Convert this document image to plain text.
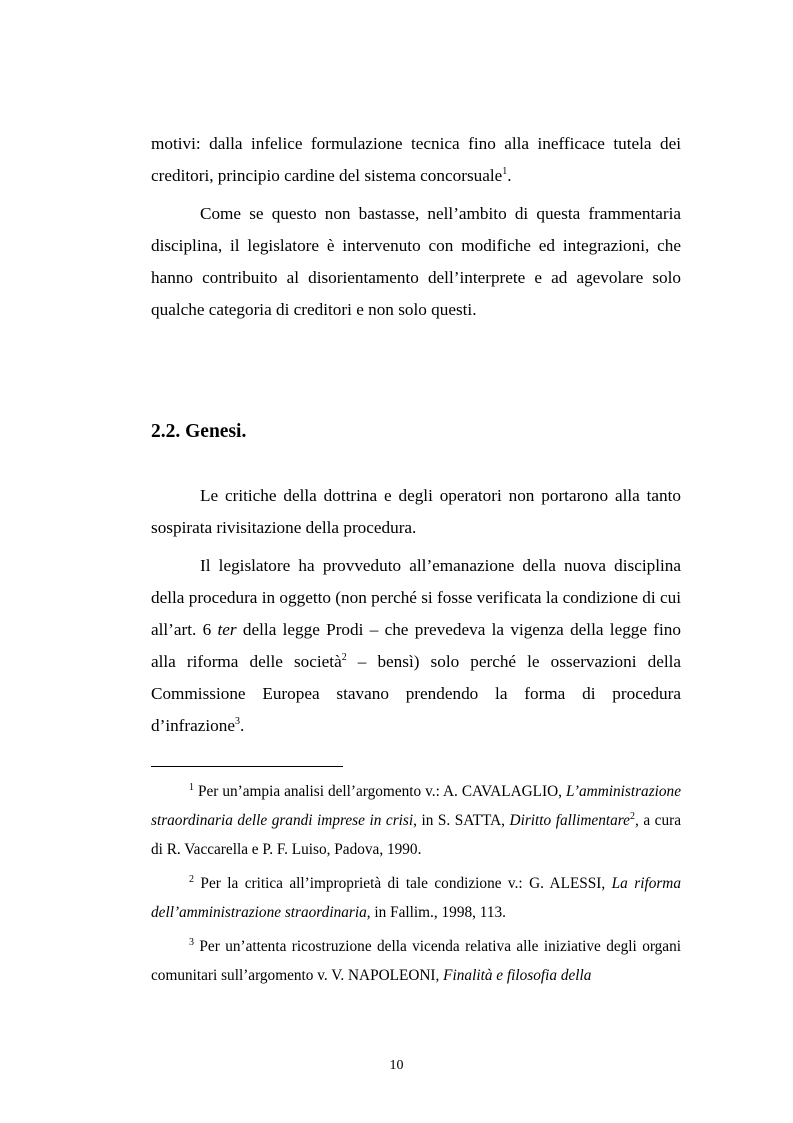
motivi: dalla infelice formulazione tecnica fino alla inefficace tutela dei creditori, principio cardine del sistema concorsuale$^1$.

Come se questo non bastasse, nell’ambito di questa frammentaria disciplina, il legislatore è intervenuto con modifiche ed integrazioni, che hanno contribuito al disorientamento dell’interprete e ad agevolare solo qualche categoria di creditori e non solo questi.

2.2. Genesi.

Le critiche della dottrina e degli operatori non portarono alla tanto sospirata rivisitazione della procedura.

Il legislatore ha provveduto all’emanazione della nuova disciplina della procedura in oggetto (non perché si fosse verificata la condizione di cui all’art. 6 ter della legge Prodi – che prevedeva la vigenza della legge fino alla riforma delle società$^2$ – bensì) solo perché le osservazioni della Commissione Europea stavano prendendo la forma di procedura d’infrazione$^3$.

$^1$ Per un’ampia analisi dell’argomento v.: A. CAVALAGLIO, L’amministrazione straordinaria delle grandi imprese in crisi, in S. SATTA, Diritto fallimentare$^2$, a cura di R. Vaccarella e P. F. Luiso, Padova, 1990.

$^2$ Per la critica all’improprietà di tale condizione v.: G. ALESSI, La riforma dell’amministrazione straordinaria, in Fallim., 1998, 113.

$^3$ Per un’attenta ricostruzione della vicenda relativa alle iniziative degli organi comunitari sull’argomento v. V. NAPOLEONI, Finalità e filosofia della

10
